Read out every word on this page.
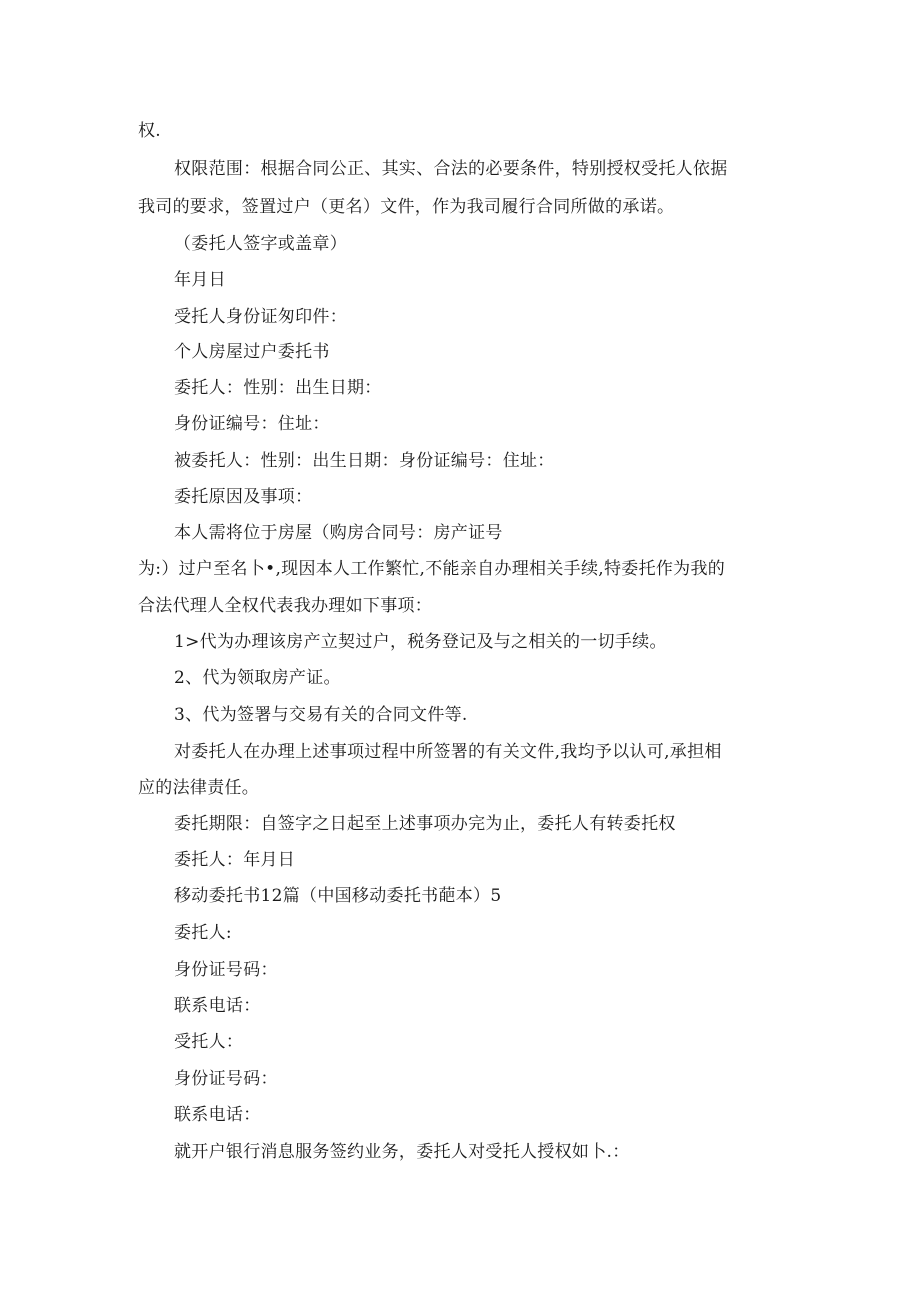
权.
权限范围：根据合同公正、其实、合法的必要条件，特别授权受托人依据
我司的要求，签置过户（更名）文件，作为我司履行合同所做的承诺。
（委托人签字或盖章）
年月日
受托人身份证匆印件：
个人房屋过户委托书
委托人：性别：出生日期：
身份证编号：住址：
被委托人：性别：出生日期：身份证编号：住址：
委托原因及事项：
本人需将位于房屋（购房合同号：房产证号
为:）过户至名卜•,现因本人工作繁忙,不能亲自办理相关手续,特委托作为我的
合法代理人全权代表我办理如下事项：
1>代为办理该房产立契过户，税务登记及与之相关的一切手续。
2、代为领取房产证。
3、代为签署与交易有关的合同文件等.
对委托人在办理上述事项过程中所签署的有关文件,我均予以认可,承担相
应的法律责任。
委托期限：自签字之日起至上述事项办完为止，委托人有转委托权
委托人：年月日
移动委托书12篇（中国移动委托书葩本）5
委托人:
身份证号码：
联系电话：
受托人：
身份证号码：
联系电话：
就开户银行消息服务签约业务，委托人对受托人授权如卜.：
